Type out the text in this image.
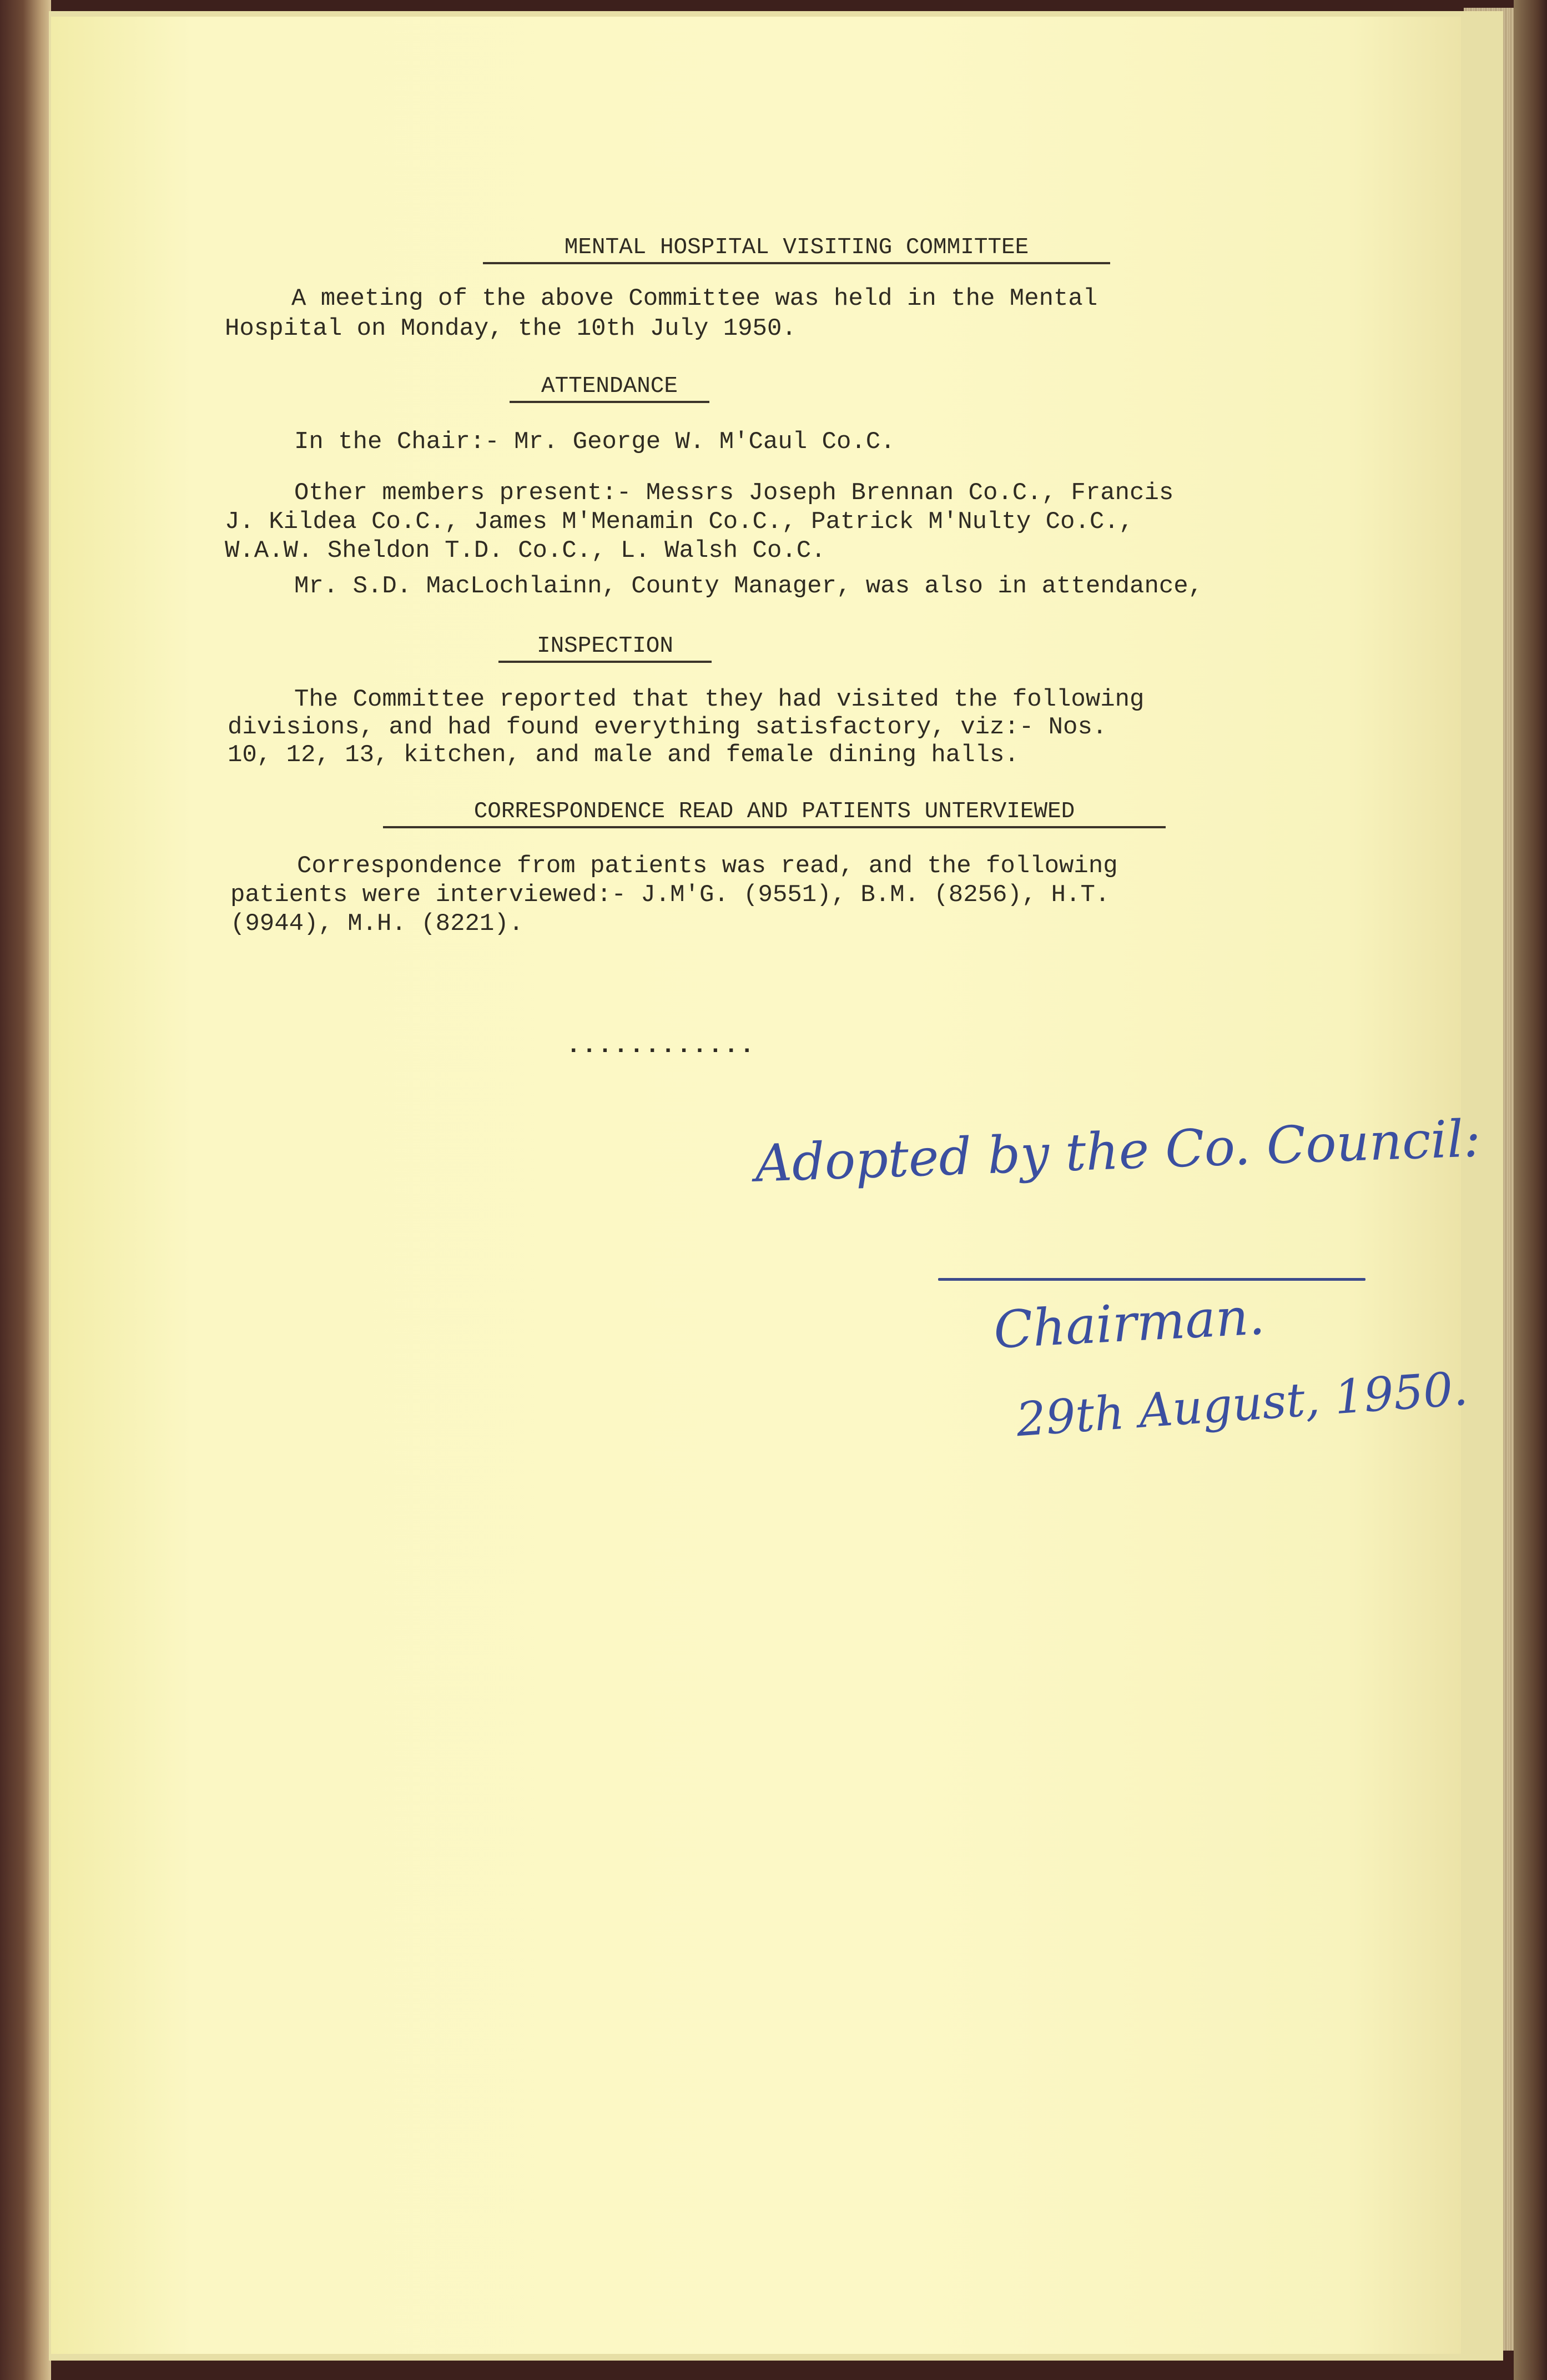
MENTAL HOSPITAL VISITING COMMITTEE
A meeting of the above Committee was held in the Mental
Hospital on Monday, the 10th July 1950.
ATTENDANCE
In the Chair:- Mr. George W. M'Caul Co.C.
Other members present:- Messrs Joseph Brennan Co.C., Francis
J. Kildea Co.C., James M'Menamin Co.C., Patrick M'Nulty Co.C.,
W.A.W. Sheldon T.D. Co.C., L. Walsh Co.C.
Mr. S.D. MacLochlainn, County Manager, was also in attendance,
INSPECTION
The Committee reported that they had visited the following
divisions, and had found everything satisfactory, viz:- Nos.
10, 12, 13, kitchen, and male and female dining halls.
CORRESPONDENCE READ AND PATIENTS UNTERVIEWED
Correspondence from patients was read, and the following
patients were interviewed:- J.M'G. (9551), B.M. (8256), H.T.
(9944), M.H. (8221).
............
Adopted by the Co. Council:
Chairman.
29th August, 1950.
